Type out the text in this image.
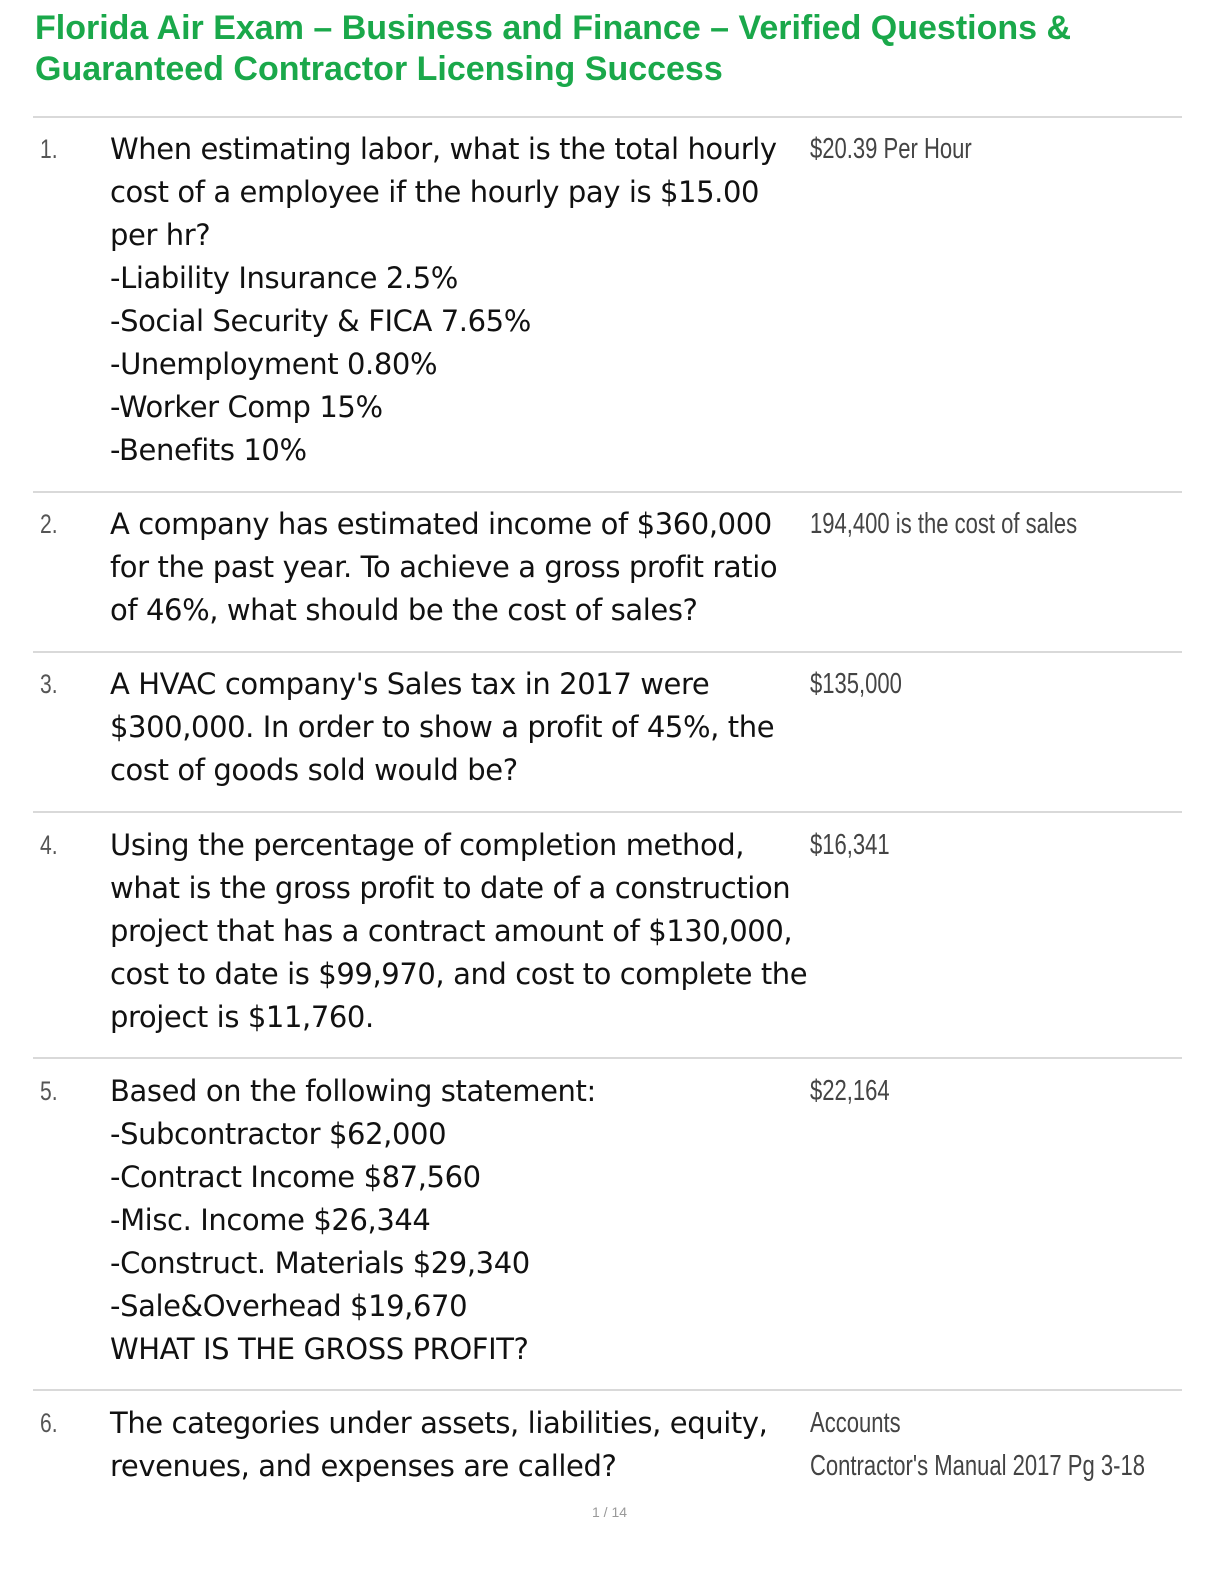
Florida Air Exam – Business and Finance – Verified Questions &
Guaranteed Contractor Licensing Success
1. When estimating labor, what is the total hourly
cost of a employee if the hourly pay is $15.00
per hr?
-Liability Insurance 2.5%
-Social Security & FICA 7.65%
-Unemployment 0.80%
-Worker Comp 15%
-Benefits 10%
$20.39 Per Hour
2. A company has estimated income of $360,000
for the past year. To achieve a gross profit ratio
of 46%, what should be the cost of sales?
194,400 is the cost of sales
3. A HVAC company's Sales tax in 2017 were
$300,000. In order to show a profit of 45%, the
cost of goods sold would be?
$135,000
4. Using the percentage of completion method,
what is the gross profit to date of a construction
project that has a contract amount of $130,000,
cost to date is $99,970, and cost to complete the
project is $11,760.
$16,341
5. Based on the following statement:
-Subcontractor $62,000
-Contract Income $87,560
-Misc. Income $26,344
-Construct. Materials $29,340
-Sale&Overhead $19,670
WHAT IS THE GROSS PROFIT?
$22,164
6. The categories under assets, liabilities, equity,
revenues, and expenses are called?
Accounts
Contractor's Manual 2017 Pg 3-18
1 / 14
